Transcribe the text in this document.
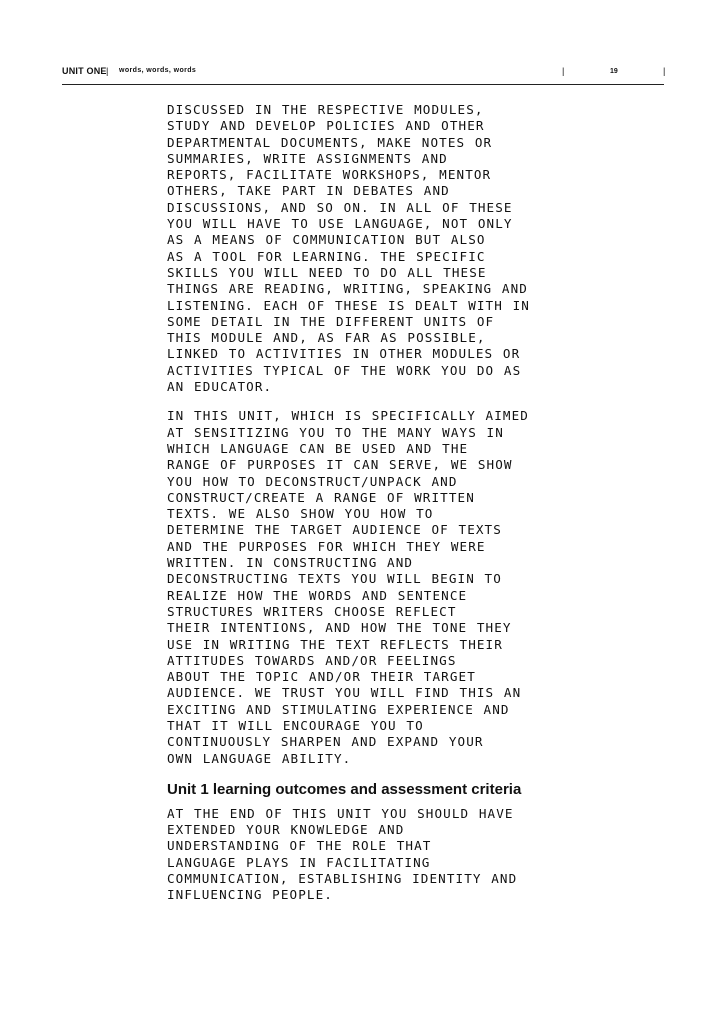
UNIT ONE | words, words, words	|	19	|
DISCUSSED IN THE RESPECTIVE MODULES,
STUDY AND DEVELOP POLICIES AND OTHER
DEPARTMENTAL DOCUMENTS, MAKE NOTES OR
SUMMARIES, WRITE ASSIGNMENTS AND
REPORTS, FACILITATE WORKSHOPS, MENTOR
OTHERS, TAKE PART IN DEBATES AND
DISCUSSIONS, AND SO ON. IN ALL OF THESE
YOU WILL HAVE TO USE LANGUAGE, NOT ONLY
AS A MEANS OF COMMUNICATION BUT ALSO
AS A TOOL FOR LEARNING. THE SPECIFIC
SKILLS YOU WILL NEED TO DO ALL THESE
THINGS ARE READING, WRITING, SPEAKING AND
LISTENING. EACH OF THESE IS DEALT WITH IN
SOME DETAIL IN THE DIFFERENT UNITS OF
THIS MODULE AND, AS FAR AS POSSIBLE,
LINKED TO ACTIVITIES IN OTHER MODULES OR
ACTIVITIES TYPICAL OF THE WORK YOU DO AS
AN EDUCATOR.
IN THIS UNIT, WHICH IS SPECIFICALLY AIMED
AT SENSITIZING YOU TO THE MANY WAYS IN
WHICH LANGUAGE CAN BE USED AND THE
RANGE OF PURPOSES IT CAN SERVE, WE SHOW
YOU HOW TO DECONSTRUCT/UNPACK AND
CONSTRUCT/CREATE A RANGE OF WRITTEN
TEXTS. WE ALSO SHOW YOU HOW TO
DETERMINE THE TARGET AUDIENCE OF TEXTS
AND THE PURPOSES FOR WHICH THEY WERE
WRITTEN. IN CONSTRUCTING AND
DECONSTRUCTING TEXTS YOU WILL BEGIN TO
REALIZE HOW THE WORDS AND SENTENCE
STRUCTURES WRITERS CHOOSE REFLECT
THEIR INTENTIONS, AND HOW THE TONE THEY
USE IN WRITING THE TEXT REFLECTS THEIR
ATTITUDES TOWARDS AND/OR FEELINGS
ABOUT THE TOPIC AND/OR THEIR TARGET
AUDIENCE. WE TRUST YOU WILL FIND THIS AN
EXCITING AND STIMULATING EXPERIENCE AND
THAT IT WILL ENCOURAGE YOU TO
CONTINUOUSLY SHARPEN AND EXPAND YOUR
OWN LANGUAGE ABILITY.
Unit 1 learning outcomes and assessment criteria
AT THE END OF THIS UNIT YOU SHOULD HAVE
EXTENDED YOUR KNOWLEDGE AND
UNDERSTANDING OF THE ROLE THAT
LANGUAGE PLAYS IN FACILITATING
COMMUNICATION, ESTABLISHING IDENTITY AND
INFLUENCING PEOPLE.
